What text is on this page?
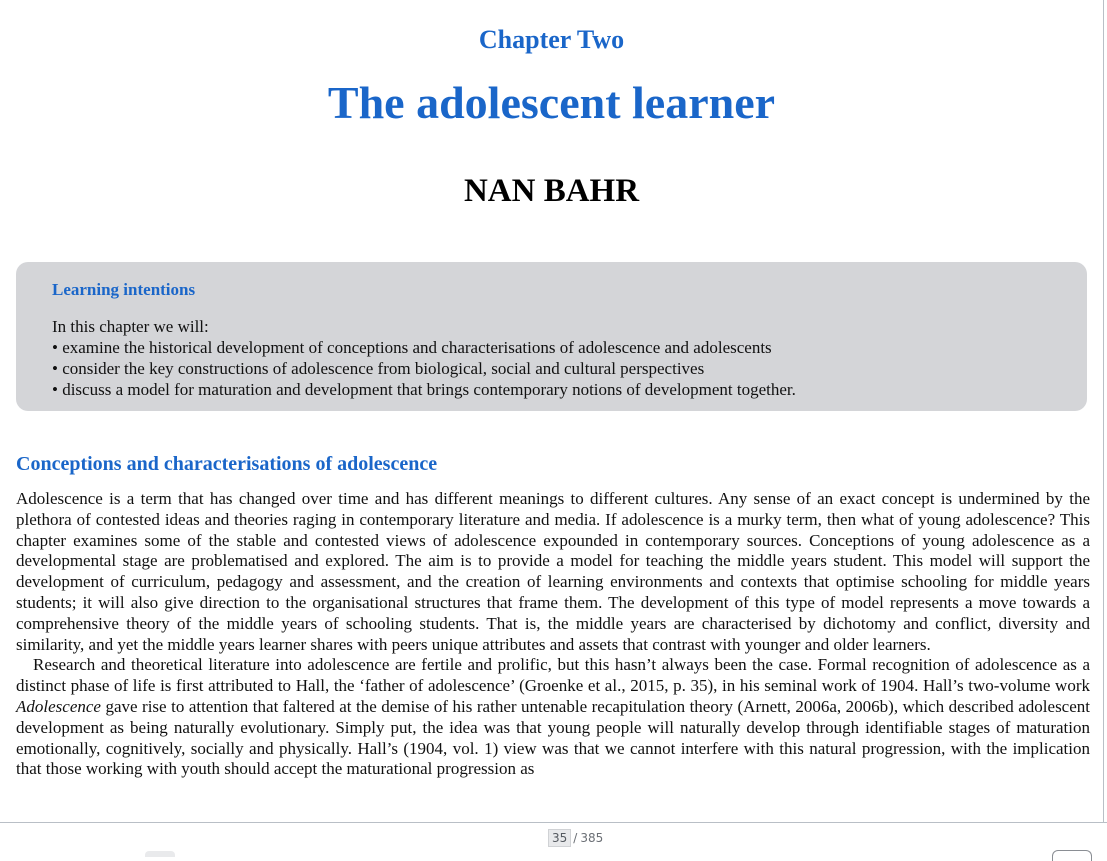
Chapter Two
The adolescent learner
NAN BAHR
Learning intentions
In this chapter we will:
• examine the historical development of conceptions and characterisations of adolescence and adolescents
• consider the key constructions of adolescence from biological, social and cultural perspectives
• discuss a model for maturation and development that brings contemporary notions of development together.
Conceptions and characterisations of adolescence

Adolescence is a term that has changed over time and has different meanings to different cultures. Any sense of an exact concept is undermined by the plethora of contested ideas and theories raging in contemporary literature and media. If adolescence is a murky term, then what of young adolescence? This chapter examines some of the stable and contested views of adolescence expounded in contemporary sources. Conceptions of young adolescence as a developmental stage are problematised and explored. The aim is to provide a model for teaching the middle years student. This model will support the development of curriculum, pedagogy and assessment, and the creation of learning environments and contexts that optimise schooling for middle years students; it will also give direction to the organisational structures that frame them. The development of this type of model represents a move towards a comprehensive theory of the middle years of schooling students. That is, the middle years are characterised by dichotomy and conflict, diversity and similarity, and yet the middle years learner shares with peers unique attributes and assets that contrast with younger and older learners.

Research and theoretical literature into adolescence are fertile and prolific, but this hasn’t always been the case. Formal recognition of adolescence as a distinct phase of life is first attributed to Hall, the ‘father of adolescence’ (Groenke et al., 2015, p. 35), in his seminal work of 1904. Hall’s two-volume work Adolescence gave rise to attention that faltered at the demise of his rather untenable recapitulation theory (Arnett, 2006a, 2006b), which described adolescent development as being naturally evolutionary. Simply put, the idea was that young people will naturally develop through identifiable stages of maturation emotionally, cognitively, socially and physically. Hall’s (1904, vol. 1) view was that we cannot interfere with this natural progression, with the implication that those working with youth should accept the maturational progression as

35 / 385
